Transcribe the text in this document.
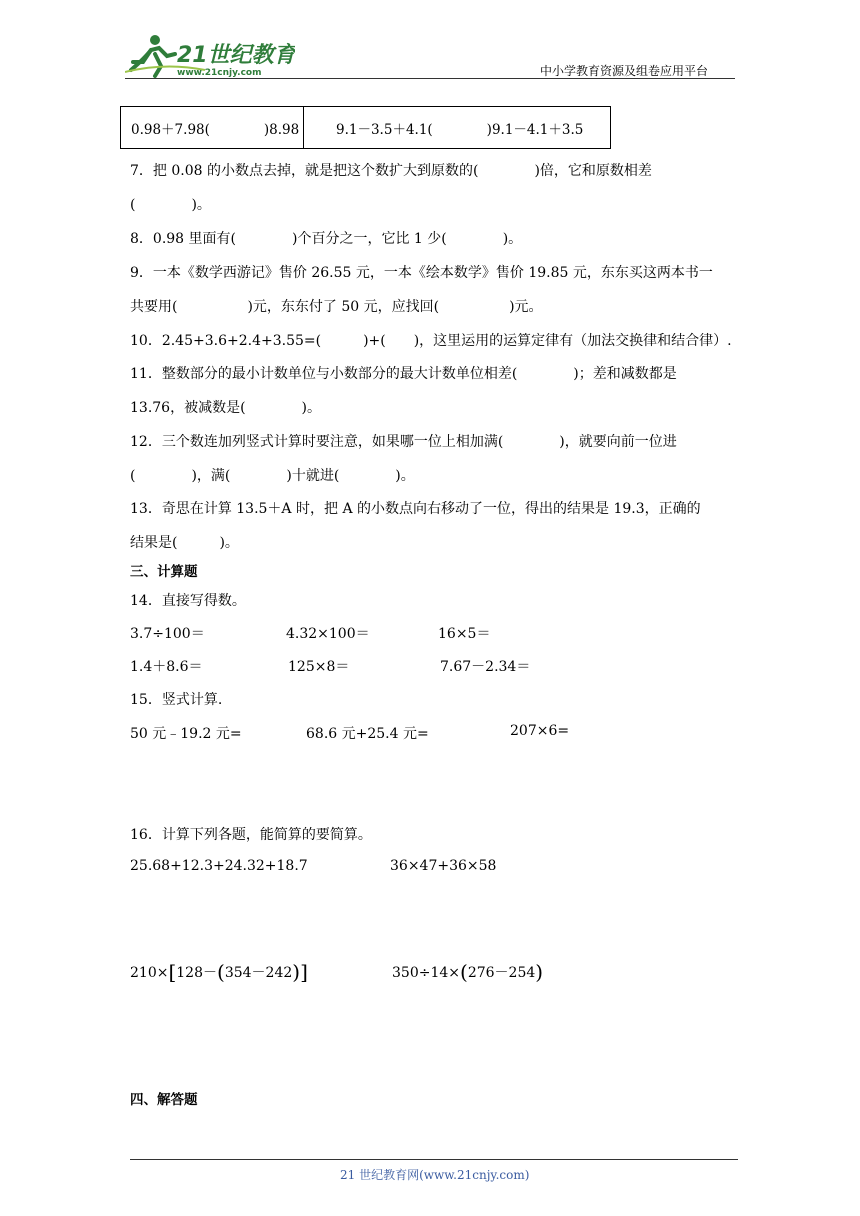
21世纪教育
www.21cnjy.com	中小学教育资源及组卷应用平台
0.98＋7.98(　　　　)8.98	9.1－3.5＋4.1(　　　　)9.1－4.1＋3.5
7．把 0.08 的小数点去掉，就是把这个数扩大到原数的(　　　　)倍，它和原数相差
(　　　　)。
8．0.98 里面有(　　　　)个百分之一，它比 1 少(　　　　)。
9．一本《数学西游记》售价 26.55 元，一本《绘本数学》售价 19.85 元，东东买这两本书一
共要用(　　　　　)元，东东付了 50 元，应找回(　　　　　)元。
10．2.45+3.6+2.4+3.55=(　　　)+(　　)，这里运用的运算定律有（加法交换律和结合律）.
11．整数部分的最小计数单位与小数部分的最大计数单位相差(　　　　)；差和减数都是
13.76，被减数是(　　　　)。
12．三个数连加列竖式计算时要注意，如果哪一位上相加满(　　　　)，就要向前一位进
(　　　　)，满(　　　　)十就进(　　　　)。
13．奇思在计算 13.5＋A 时，把 A 的小数点向右移动了一位，得出的结果是 19.3，正确的
结果是(　　　)。
三、计算题
14．直接写得数。
3.7÷100＝	4.32×100＝	16×5＝
1.4＋8.6＝	125×8＝	7.67－2.34＝
15．竖式计算.
50 元﹣19.2 元=	68.6 元+25.4 元=	207×6=
16．计算下列各题，能简算的要简算。
25.68+12.3+24.32+18.7	36×47+36×58
210×[128－(354－242)]	350÷14×(276－254)
四、解答题
21 世纪教育网(www.21cnjy.com)
